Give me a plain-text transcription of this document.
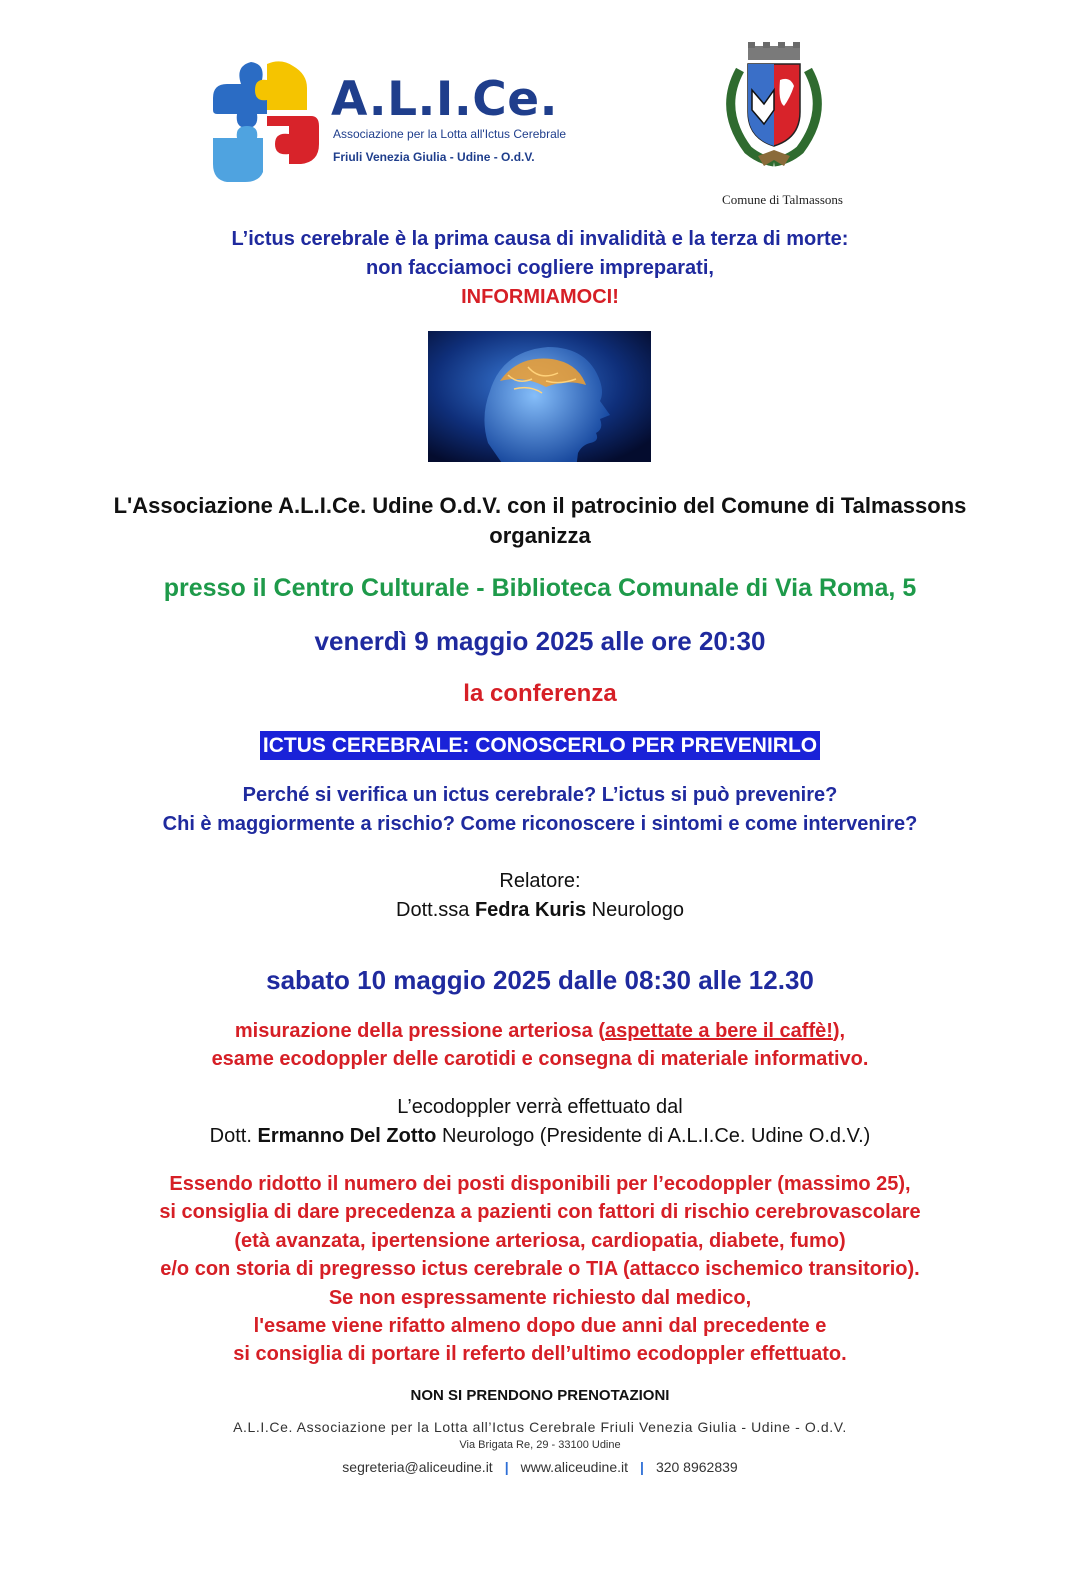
A.L.I.Ce.
Associazione per la Lotta all'Ictus Cerebrale
Friuli Venezia Giulia - Udine - O.d.V.
Comune di Talmassons
L’ictus cerebrale è la prima causa di invalidità e la terza di morte:
non facciamoci cogliere impreparati,
INFORMIAMOCI!
L'Associazione A.L.I.Ce. Udine O.d.V. con il patrocinio del Comune di Talmassons
organizza
presso il Centro Culturale - Biblioteca Comunale di Via Roma, 5
venerdì 9 maggio 2025 alle ore 20:30
la conferenza
ICTUS CEREBRALE: CONOSCERLO PER PREVENIRLO
Perché si verifica un ictus cerebrale? L’ictus si può prevenire?
Chi è maggiormente a rischio? Come riconoscere i sintomi e come intervenire?
Relatore:
Dott.ssa Fedra Kuris Neurologo
sabato 10 maggio 2025 dalle 08:30 alle 12.30
misurazione della pressione arteriosa (aspettate a bere il caffè!),
esame ecodoppler delle carotidi e consegna di materiale informativo.
L’ecodoppler verrà effettuato dal
Dott. Ermanno Del Zotto Neurologo (Presidente di A.L.I.Ce. Udine O.d.V.)
Essendo ridotto il numero dei posti disponibili per l’ecodoppler (massimo 25),
si consiglia di dare precedenza a pazienti con fattori di rischio cerebrovascolare
(età avanzata, ipertensione arteriosa, cardiopatia, diabete, fumo)
e/o con storia di pregresso ictus cerebrale o TIA (attacco ischemico transitorio).
Se non espressamente richiesto dal medico,
l'esame viene rifatto almeno dopo due anni dal precedente e
si consiglia di portare il referto dell’ultimo ecodoppler effettuato.
NON SI PRENDONO PRENOTAZIONI
A.L.I.Ce. Associazione per la Lotta all’Ictus Cerebrale Friuli Venezia Giulia - Udine - O.d.V.
Via Brigata Re, 29 - 33100 Udine
segreteria@aliceudine.it | www.aliceudine.it | 320 8962839
